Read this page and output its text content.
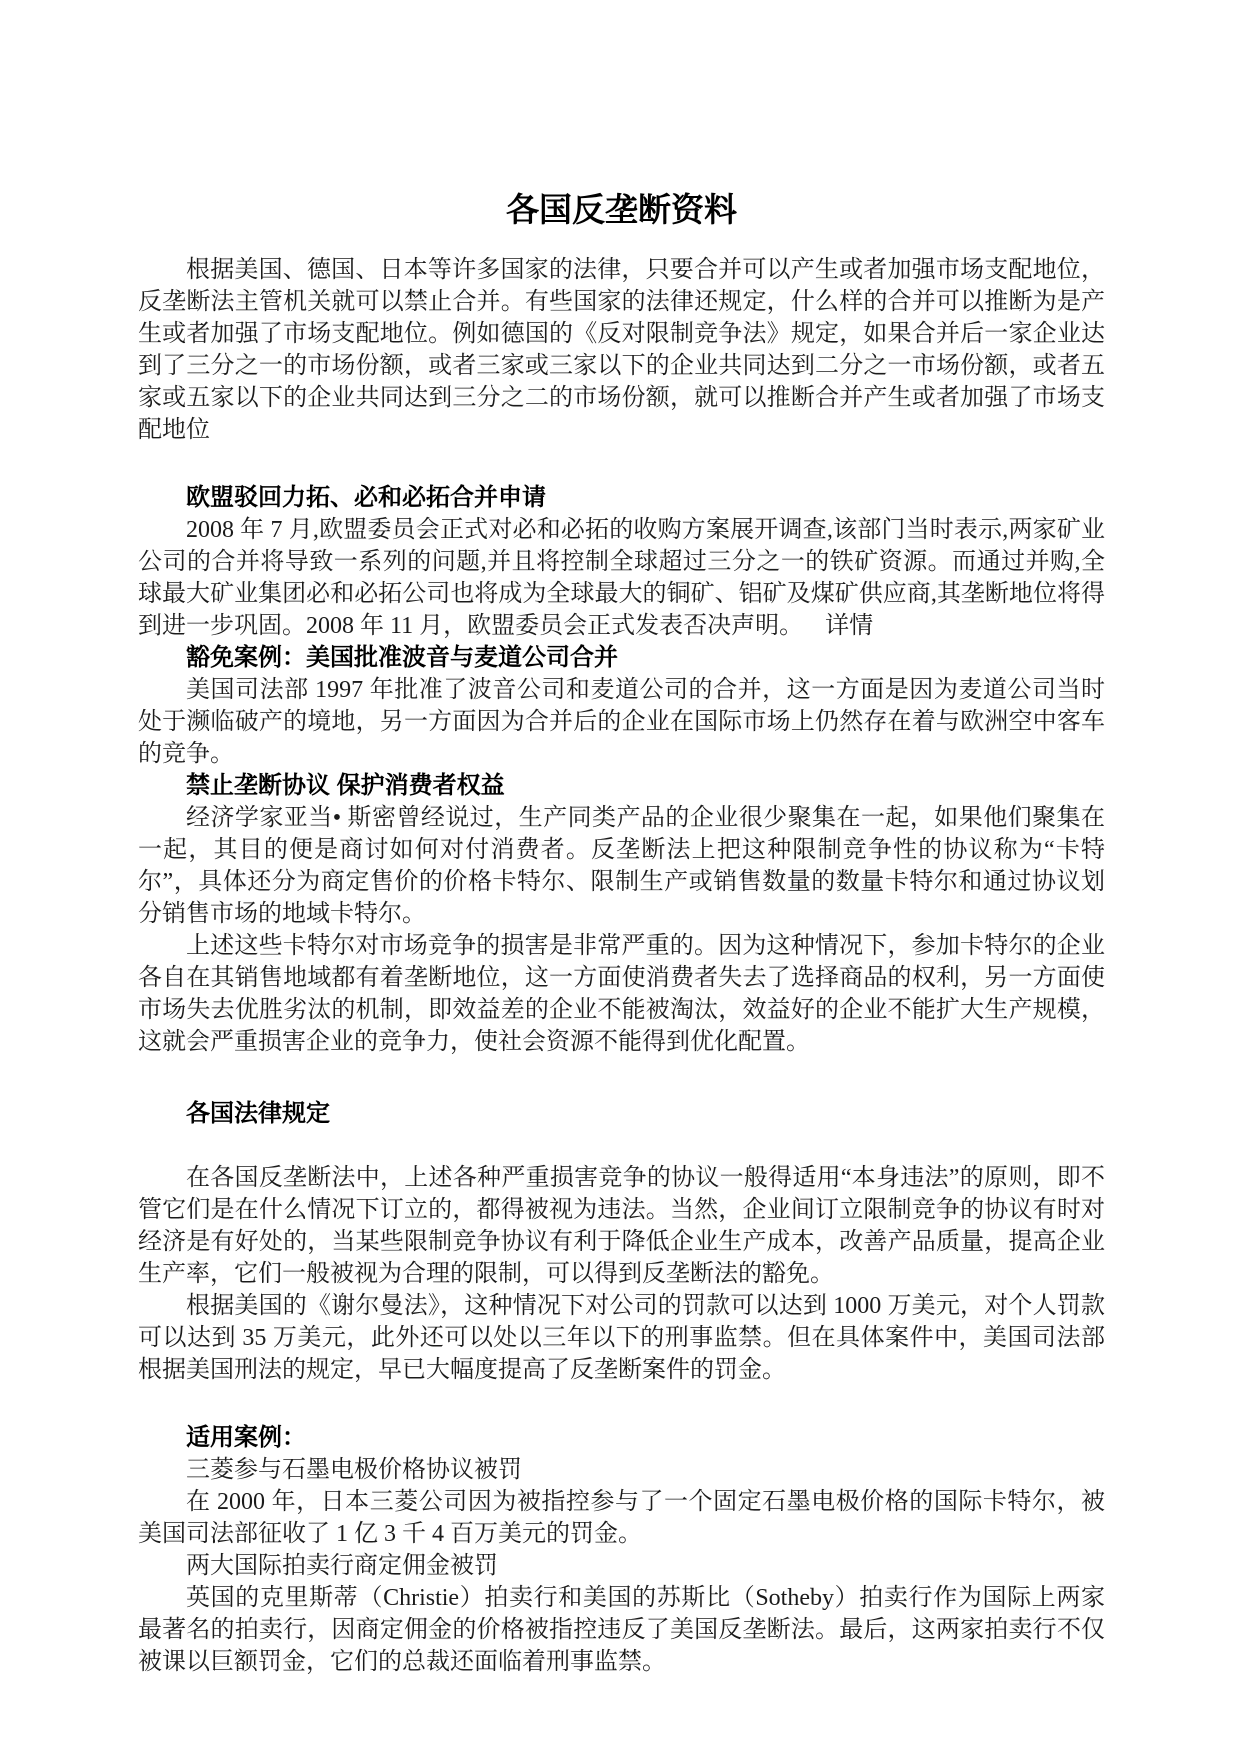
各国反垄断资料

根据美国、德国、日本等许多国家的法律，只要合并可以产生或者加强市场支配地位，反垄断法主管机关就可以禁止合并。有些国家的法律还规定，什么样的合并可以推断为是产生或者加强了市场支配地位。例如德国的《反对限制竞争法》规定，如果合并后一家企业达到了三分之一的市场份额，或者三家或三家以下的企业共同达到二分之一市场份额，或者五家或五家以下的企业共同达到三分之二的市场份额，就可以推断合并产生或者加强了市场支配地位

欧盟驳回力拓、必和必拓合并申请

2008 年 7 月,欧盟委员会正式对必和必拓的收购方案展开调查,该部门当时表示,两家矿业公司的合并将导致一系列的问题,并且将控制全球超过三分之一的铁矿资源。而通过并购,全球最大矿业集团必和必拓公司也将成为全球最大的铜矿、铝矿及煤矿供应商,其垄断地位将得到进一步巩固。2008 年 11 月，欧盟委员会正式发表否决声明。 详情

豁免案例：美国批准波音与麦道公司合并

美国司法部 1997 年批准了波音公司和麦道公司的合并，这一方面是因为麦道公司当时处于濒临破产的境地，另一方面因为合并后的企业在国际市场上仍然存在着与欧洲空中客车的竞争。

禁止垄断协议 保护消费者权益

经济学家亚当• 斯密曾经说过，生产同类产品的企业很少聚集在一起，如果他们聚集在一起，其目的便是商讨如何对付消费者。反垄断法上把这种限制竞争性的协议称为“卡特尔”，具体还分为商定售价的价格卡特尔、限制生产或销售数量的数量卡特尔和通过协议划分销售市场的地域卡特尔。

上述这些卡特尔对市场竞争的损害是非常严重的。因为这种情况下，参加卡特尔的企业各自在其销售地域都有着垄断地位，这一方面使消费者失去了选择商品的权利，另一方面使市场失去优胜劣汰的机制，即效益差的企业不能被淘汰，效益好的企业不能扩大生产规模，这就会严重损害企业的竞争力，使社会资源不能得到优化配置。

各国法律规定

在各国反垄断法中，上述各种严重损害竞争的协议一般得适用“本身违法”的原则，即不管它们是在什么情况下订立的，都得被视为违法。当然，企业间订立限制竞争的协议有时对经济是有好处的，当某些限制竞争协议有利于降低企业生产成本，改善产品质量，提高企业生产率，它们一般被视为合理的限制，可以得到反垄断法的豁免。

根据美国的《谢尔曼法》，这种情况下对公司的罚款可以达到 1000 万美元，对个人罚款可以达到 35 万美元，此外还可以处以三年以下的刑事监禁。但在具体案件中，美国司法部根据美国刑法的规定，早已大幅度提高了反垄断案件的罚金。

适用案例：

三菱参与石墨电极价格协议被罚

在 2000 年，日本三菱公司因为被指控参与了一个固定石墨电极价格的国际卡特尔，被美国司法部征收了 1 亿 3 千 4 百万美元的罚金。

两大国际拍卖行商定佣金被罚

英国的克里斯蒂（Christie）拍卖行和美国的苏斯比（Sotheby）拍卖行作为国际上两家最著名的拍卖行，因商定佣金的价格被指控违反了美国反垄断法。最后，这两家拍卖行不仅被课以巨额罚金，它们的总裁还面临着刑事监禁。
